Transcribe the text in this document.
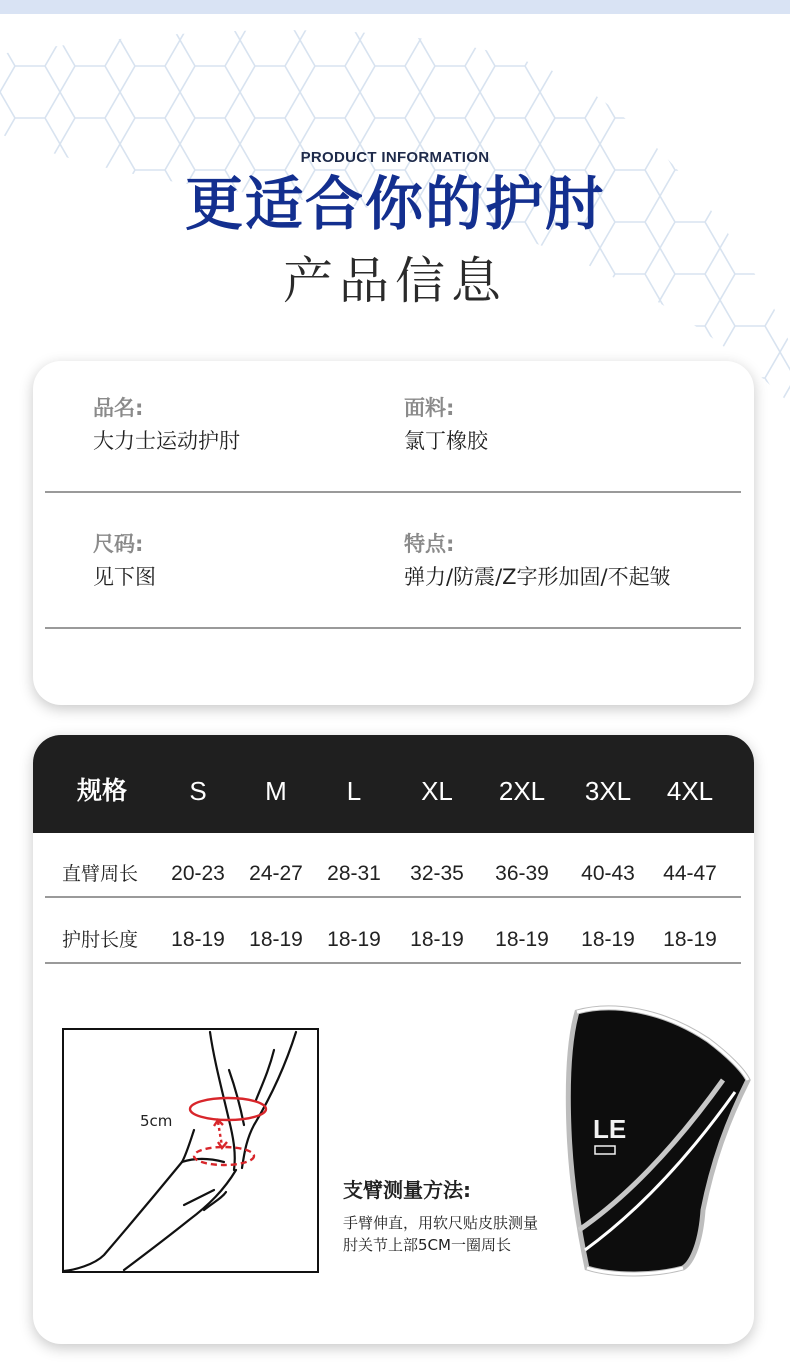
PRODUCT INFORMATION
更适合你的护肘
产品信息
品名:
大力士运动护肘
面料:
氯丁橡胶
尺码:
见下图
特点:
弹力/防震/Z字形加固/不起皱
规格	S	M	L	XL	2XL	3XL	4XL
直臂周长	20-23	24-27	28-31	32-35	36-39	40-43	44-47
护肘长度	18-19	18-19	18-19	18-19	18-19	18-19	18-19
5cm
支臂测量方法:
手臂伸直，用软尺贴皮肤测量肘关节上部5CM一圈周长
LE
